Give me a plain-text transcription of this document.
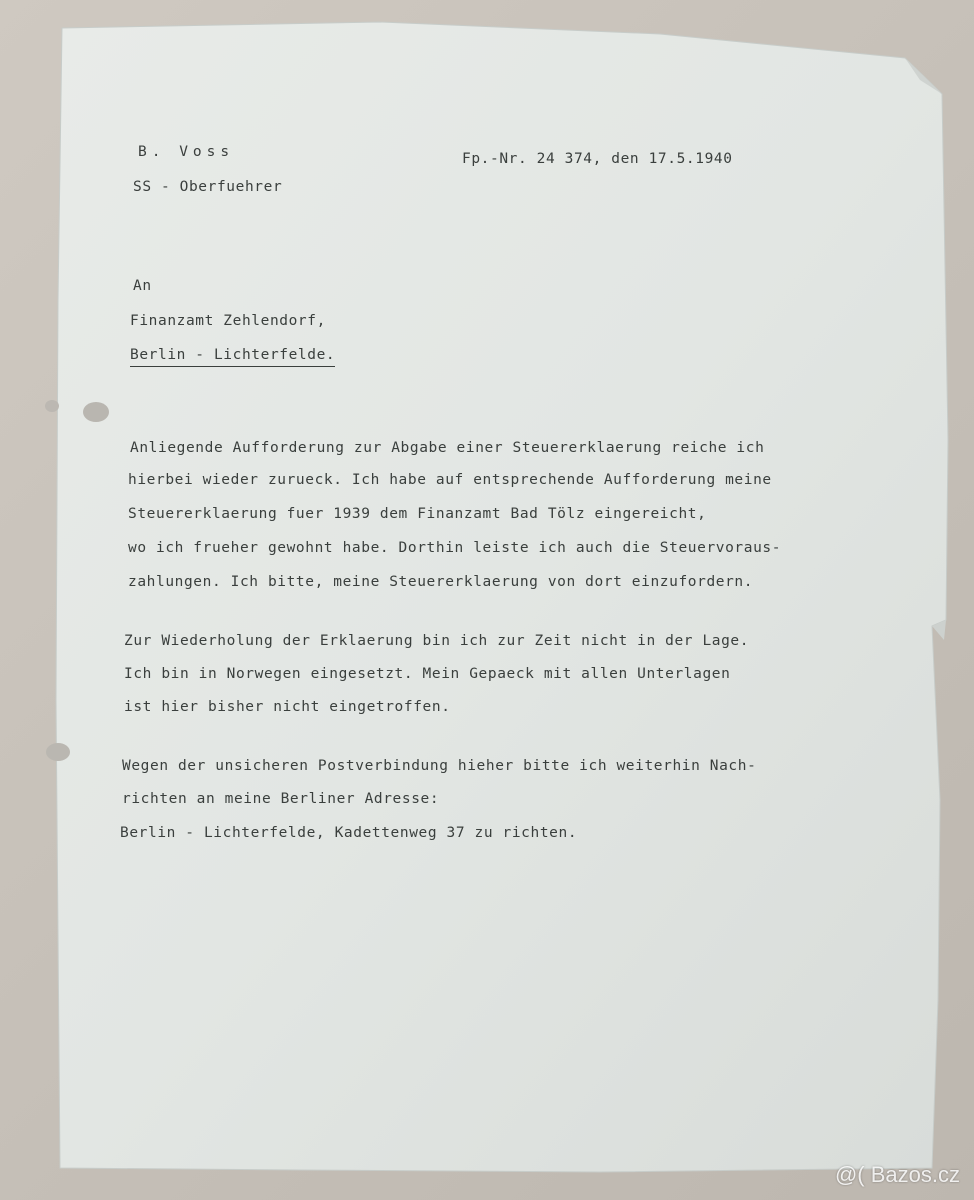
B. Voss
SS - Oberfuehrer
Fp.-Nr. 24 374, den 17.5.1940
An
Finanzamt Zehlendorf,
Berlin - Lichterfelde.
Anliegende Aufforderung zur Abgabe einer Steuererklaerung reiche ich
hierbei wieder zurueck. Ich habe auf entsprechende Aufforderung meine
Steuererklaerung fuer 1939 dem Finanzamt Bad Tölz eingereicht,
wo ich frueher gewohnt habe. Dorthin leiste ich auch die Steuervoraus-
zahlungen. Ich bitte, meine Steuererklaerung von dort einzufordern.
Zur Wiederholung der Erklaerung bin ich zur Zeit nicht in der Lage.
Ich bin in Norwegen eingesetzt. Mein Gepaeck mit allen Unterlagen
ist hier bisher nicht eingetroffen.
Wegen der unsicheren Postverbindung hieher bitte ich weiterhin Nach-
richten an meine Berliner Adresse:
Berlin - Lichterfelde, Kadettenweg 37 zu richten.
@( Bazos.cz
